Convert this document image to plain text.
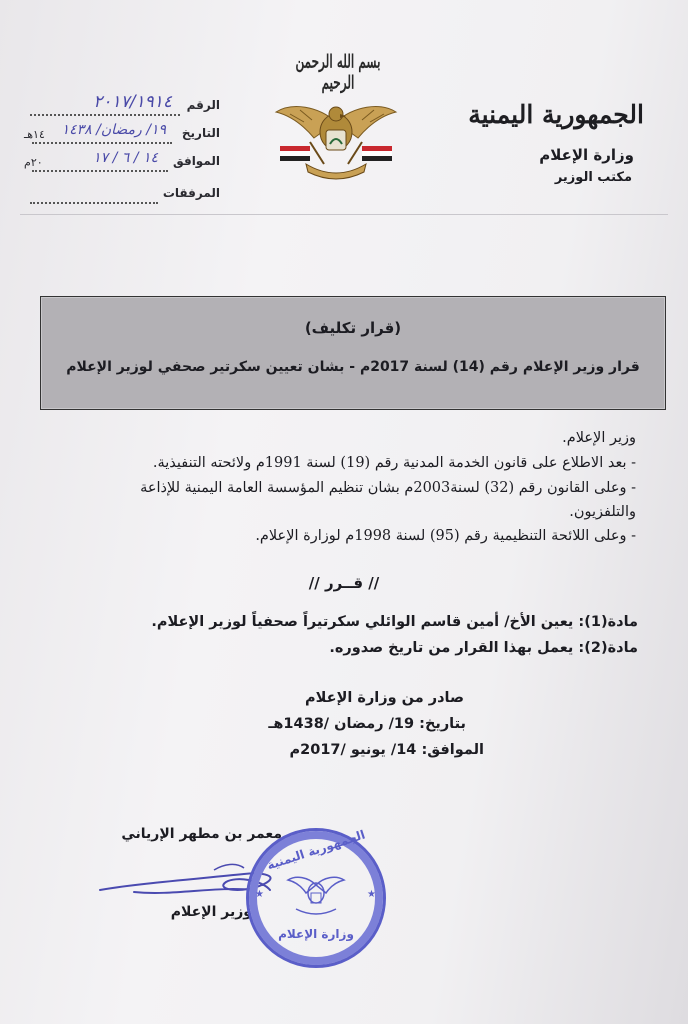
الرقم
٢٠١٧/١٩١٤
التاريخ
١٩/ رمضان/ ١٤٣٨
١٤هـ
الموافق
١٤ / ٦ / ١٧
٢٠م
المرفقات
بسم الله الرحمن الرحيم
الجمهورية اليمنية
وزارة الإعلام
مكتب الوزير
(قرار تكليف)
قرار وزير الإعلام رقم (14) لسنة 2017م - بشان تعيين سكرتير صحفي لوزير الإعلام
وزير الإعلام.
- بعد الاطلاع على قانون الخدمة المدنية رقم (19) لسنة 1991م ولائحته التنفيذية.
- وعلى القانون رقم (32) لسنة2003م بشان تنظيم المؤسسة العامة اليمنية للإذاعة
والتلفزيون.
- وعلى اللائحة التنظيمية رقم (95) لسنة 1998م لوزارة الإعلام.
// قــرر //
مادة(1): يعين الأخ/ أمين قاسم الوائلي سكرتيراً صحفياً لوزير الإعلام.
مادة(2): يعمل بهذا القرار من تاريخ صدوره.
صادر من وزارة الإعلام
بتاريخ: 19/ رمضان /1438هـ
الموافق: 14/ يونيو /2017م
معمر بن مطهر الإرياني
وزير الإعلام
الجمهورية اليمنية
وزارة الإعلام
★
★
